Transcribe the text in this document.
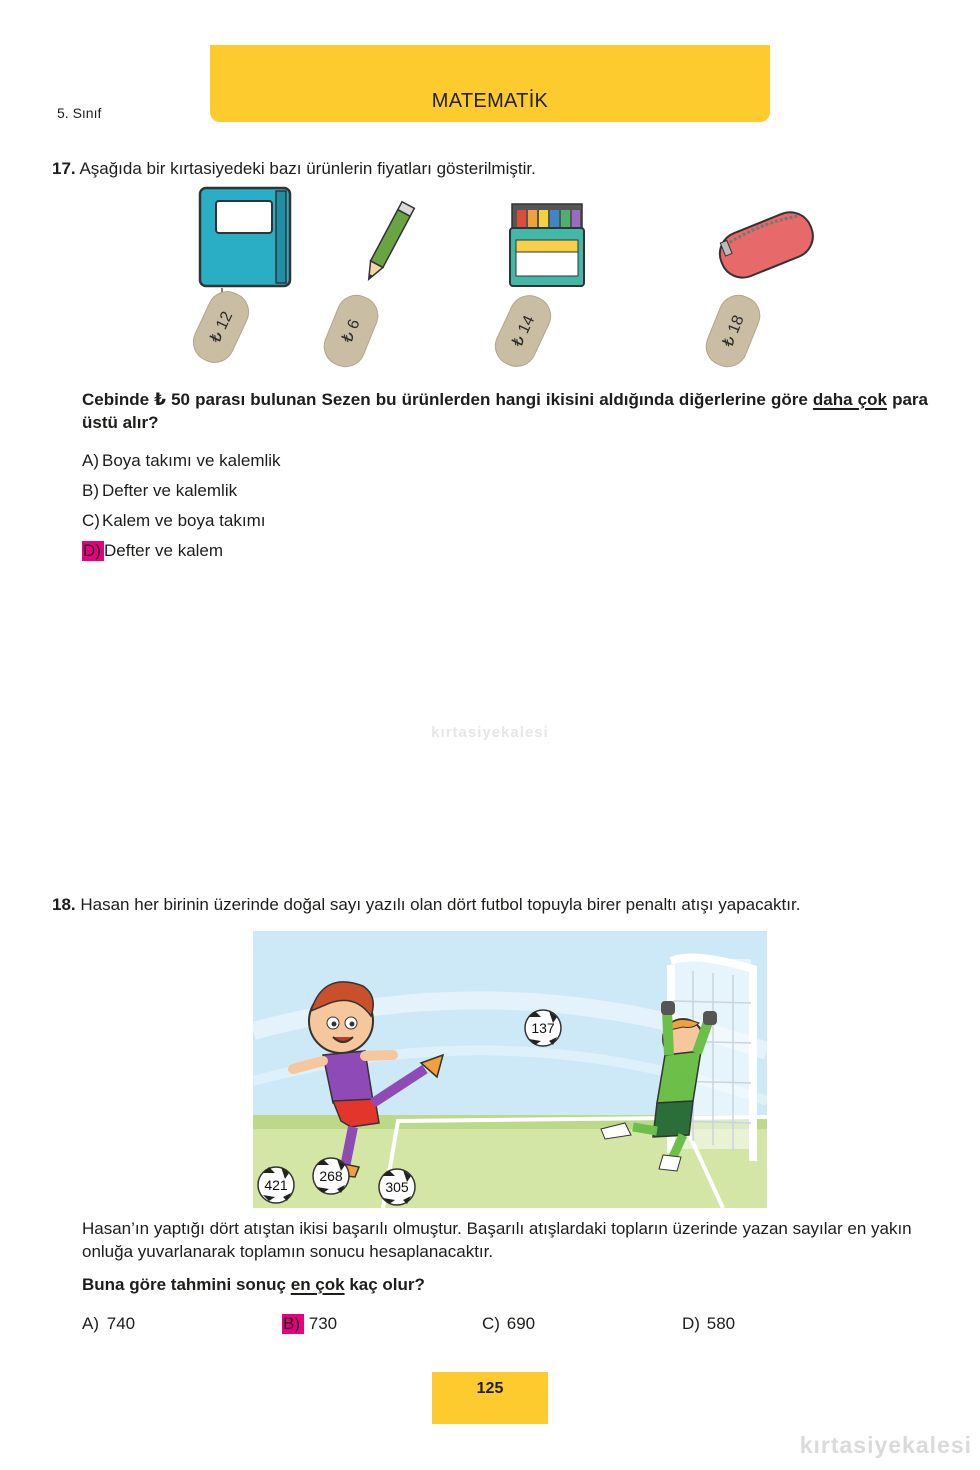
MATEMATİK
5. Sınıf
17. Aşağıda bir kırtasiyedeki bazı ürünlerin fiyatları gösterilmiştir.
₺ 12	₺ 6	₺ 14	₺ 18
Cebinde ₺ 50 parası bulunan Sezen bu ürünlerden hangi ikisini aldığında diğerlerine göre daha çok para üstü alır?
A) Boya takımı ve kalemlik
B) Defter ve kalemlik
C) Kalem ve boya takımı
D) Defter ve kalem
kırtasiyekalesi
18. Hasan her birinin üzerinde doğal sayı yazılı olan dört futbol topuyla birer penaltı atışı yapacaktır.
137
421
268
305
Hasan’ın yaptığı dört atıştan ikisi başarılı olmuştur. Başarılı atışlardaki topların üzerinde yazan sayılar en yakın onluğa yuvarlanarak toplamın sonucu hesaplanacaktır.
Buna göre tahmini sonuç en çok kaç olur?
A) 740	B) 730	C) 690	D) 580
125
kırtasiyekalesi
